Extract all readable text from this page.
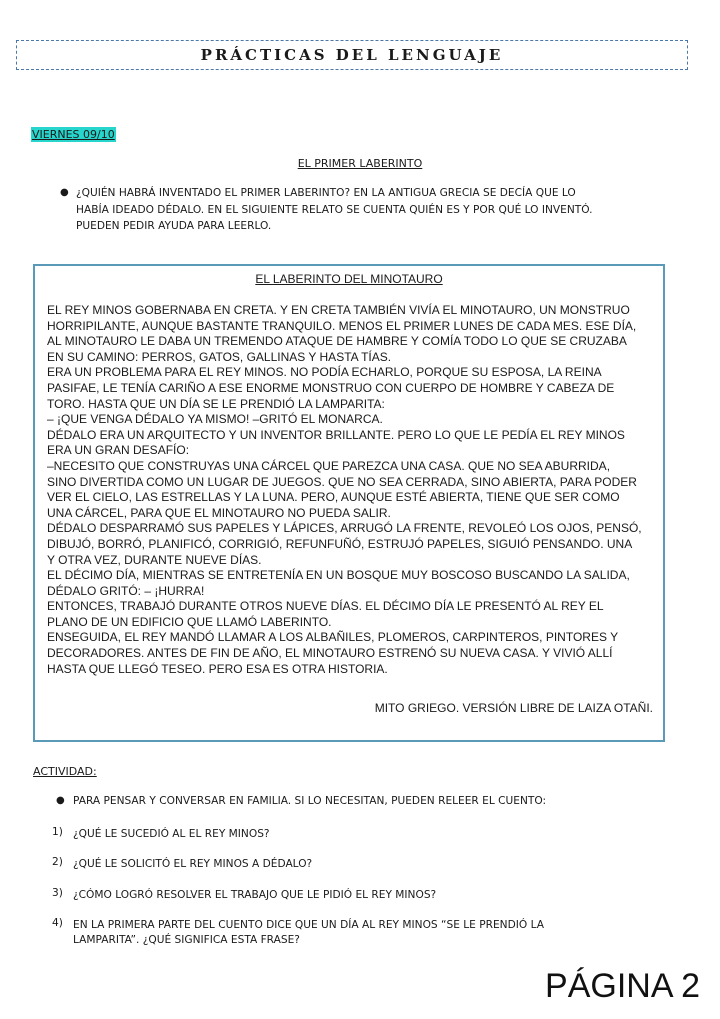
PRÁCTICAS DEL LENGUAJE
VIERNES 09/10
EL PRIMER LABERINTO
● ¿QUIÉN HABRÁ INVENTADO EL PRIMER LABERINTO? EN LA ANTIGUA GRECIA SE DECÍA QUE LO
HABÍA IDEADO DÉDALO. EN EL SIGUIENTE RELATO SE CUENTA QUIÉN ES Y POR QUÉ LO INVENTÓ.
PUEDEN PEDIR AYUDA PARA LEERLO.
EL LABERINTO DEL MINOTAURO

EL REY MINOS GOBERNABA EN CRETA. Y EN CRETA TAMBIÉN VIVÍA EL MINOTAURO, UN MONSTRUO

HORRIPILANTE, AUNQUE BASTANTE TRANQUILO. MENOS EL PRIMER LUNES DE CADA MES. ESE DÍA,

AL MINOTAURO LE DABA UN TREMENDO ATAQUE DE HAMBRE Y COMÍA TODO LO QUE SE CRUZABA

EN SU CAMINO: PERROS, GATOS, GALLINAS Y HASTA TÍAS.

ERA UN PROBLEMA PARA EL REY MINOS. NO PODÍA ECHARLO, PORQUE SU ESPOSA, LA REINA

PASIFAE, LE TENÍA CARIÑO A ESE ENORME MONSTRUO CON CUERPO DE HOMBRE Y CABEZA DE

TORO. HASTA QUE UN DÍA SE LE PRENDIÓ LA LAMPARITA:

– ¡QUE VENGA DÉDALO YA MISMO! –GRITÓ EL MONARCA.

DÉDALO ERA UN ARQUITECTO Y UN INVENTOR BRILLANTE. PERO LO QUE LE PEDÍA EL REY MINOS

ERA UN GRAN DESAFÍO:

–NECESITO QUE CONSTRUYAS UNA CÁRCEL QUE PAREZCA UNA CASA. QUE NO SEA ABURRIDA,

SINO DIVERTIDA COMO UN LUGAR DE JUEGOS. QUE NO SEA CERRADA, SINO ABIERTA, PARA PODER

VER EL CIELO, LAS ESTRELLAS Y LA LUNA. PERO, AUNQUE ESTÉ ABIERTA, TIENE QUE SER COMO

UNA CÁRCEL, PARA QUE EL MINOTAURO NO PUEDA SALIR.

DÉDALO DESPARRAMÓ SUS PAPELES Y LÁPICES, ARRUGÓ LA FRENTE, REVOLEÓ LOS OJOS, PENSÓ,

DIBUJÓ, BORRÓ, PLANIFICÓ, CORRIGIÓ, REFUNFUÑÓ, ESTRUJÓ PAPELES, SIGUIÓ PENSANDO. UNA

Y OTRA VEZ, DURANTE NUEVE DÍAS.

EL DÉCIMO DÍA, MIENTRAS SE ENTRETENÍA EN UN BOSQUE MUY BOSCOSO BUSCANDO LA SALIDA,

DÉDALO GRITÓ: – ¡HURRA!

ENTONCES, TRABAJÓ DURANTE OTROS NUEVE DÍAS. EL DÉCIMO DÍA LE PRESENTÓ AL REY EL

PLANO DE UN EDIFICIO QUE LLAMÓ LABERINTO.

ENSEGUIDA, EL REY MANDÓ LLAMAR A LOS ALBAÑILES, PLOMEROS, CARPINTEROS, PINTORES Y

DECORADORES. ANTES DE FIN DE AÑO, EL MINOTAURO ESTRENÓ SU NUEVA CASA. Y VIVIÓ ALLÍ

HASTA QUE LLEGÓ TESEO. PERO ESA ES OTRA HISTORIA.

MITO GRIEGO. VERSIÓN LIBRE DE LAIZA OTAÑI.
ACTIVIDAD:
● PARA PENSAR Y CONVERSAR EN FAMILIA. SI LO NECESITAN, PUEDEN RELEER EL CUENTO:
1) ¿QUÉ LE SUCEDIÓ AL EL REY MINOS?
2) ¿QUÉ LE SOLICITÓ EL REY MINOS A DÉDALO?
3) ¿CÓMO LOGRÓ RESOLVER EL TRABAJO QUE LE PIDIÓ EL REY MINOS?
4) EN LA PRIMERA PARTE DEL CUENTO DICE QUE UN DÍA AL REY MINOS “SE LE PRENDIÓ LA
LAMPARITA”. ¿QUÉ SIGNIFICA ESTA FRASE?
PÁGINA 2
